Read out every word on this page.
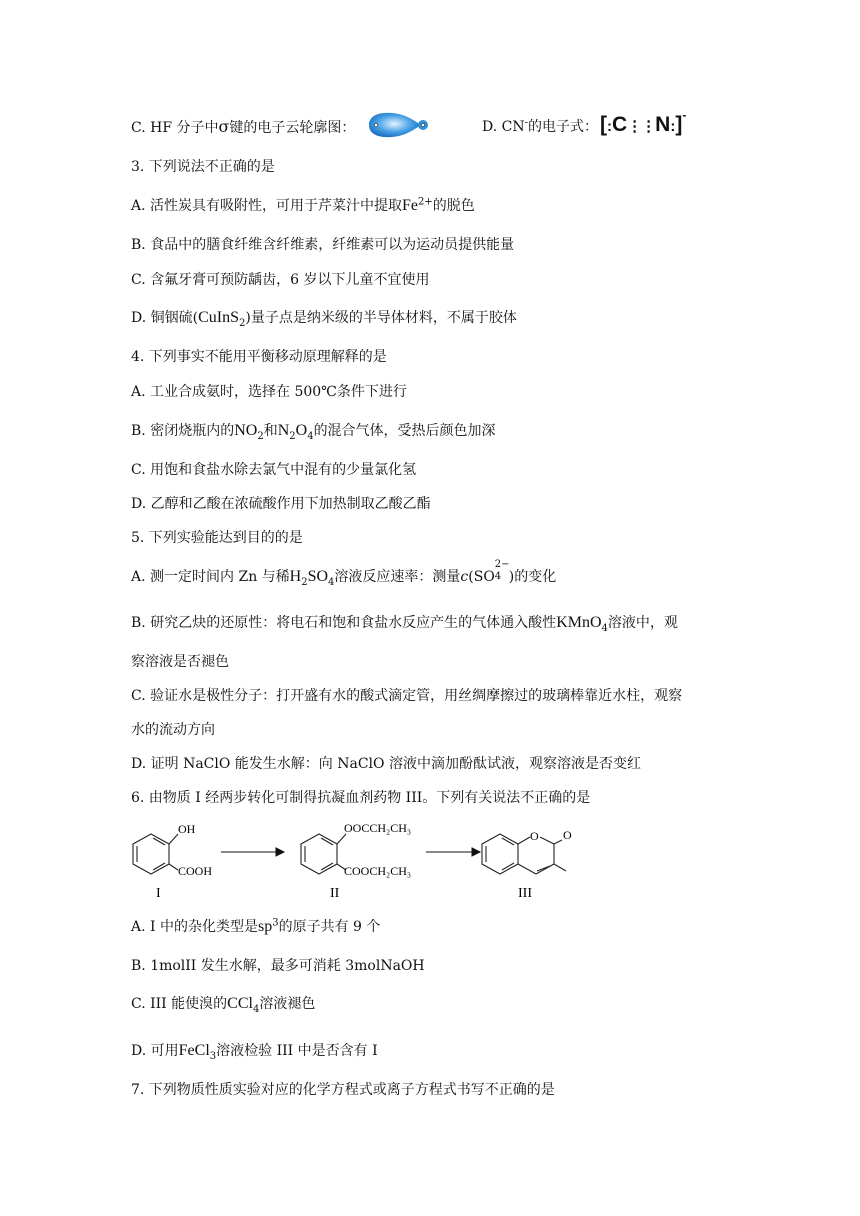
C. HF 分子中σ键的电子云轮廓图：	D. CN-的电子式： [:C⋮⋮N:]-
3. 下列说法不正确的是
A. 活性炭具有吸附性，可用于芹菜汁中提取$Fe^{2+}$的脱色
B. 食品中的膳食纤维含纤维素，纤维素可以为运动员提供能量
C. 含氟牙膏可预防龋齿，6 岁以下儿童不宜使用
D. 铜铟硫(CuInS$_2$)量子点是纳米级的半导体材料，不属于胶体
4. 下列事实不能用平衡移动原理解释的是
A. 工业合成氨时，选择在 500℃条件下进行
B. 密闭烧瓶内的$NO_2$和$N_2O_4$的混合气体，受热后颜色加深
C. 用饱和食盐水除去氯气中混有的少量氯化氢
D. 乙醇和乙酸在浓硫酸作用下加热制取乙酸乙酯
5. 下列实验能达到目的的是
A. 测一定时间内 Zn 与稀$H_2SO_4$溶液反应速率：测量c(SO 4
2−
)的变化
B. 研究乙炔的还原性：将电石和饱和食盐水反应产生的气体通入酸性KMnO$_4$溶液中，观
察溶液是否褪色
C. 验证水是极性分子：打开盛有水的酸式滴定管，用丝绸摩擦过的玻璃棒靠近水柱，观察
水的流动方向
D. 证明 NaClO 能发生水解：向 NaClO 溶液中滴加酚酞试液，观察溶液是否变红
6. 由物质 I 经两步转化可制得抗凝血剂药物 III。下列有关说法不正确的是
OH
COOH
I
OOCCH₂CH₃
COOCH₂CH₃
II
O O
III
A. I 中的杂化类型是$sp^3$的原子共有 9 个
B. 1molII 发生水解，最多可消耗 3molNaOH
C. III 能使溴的CCl$_4$溶液褪色
D. 可用FeCl$_3$溶液检验 III 中是否含有 I
7. 下列物质性质实验对应的化学方程式或离子方程式书写不正确的是
